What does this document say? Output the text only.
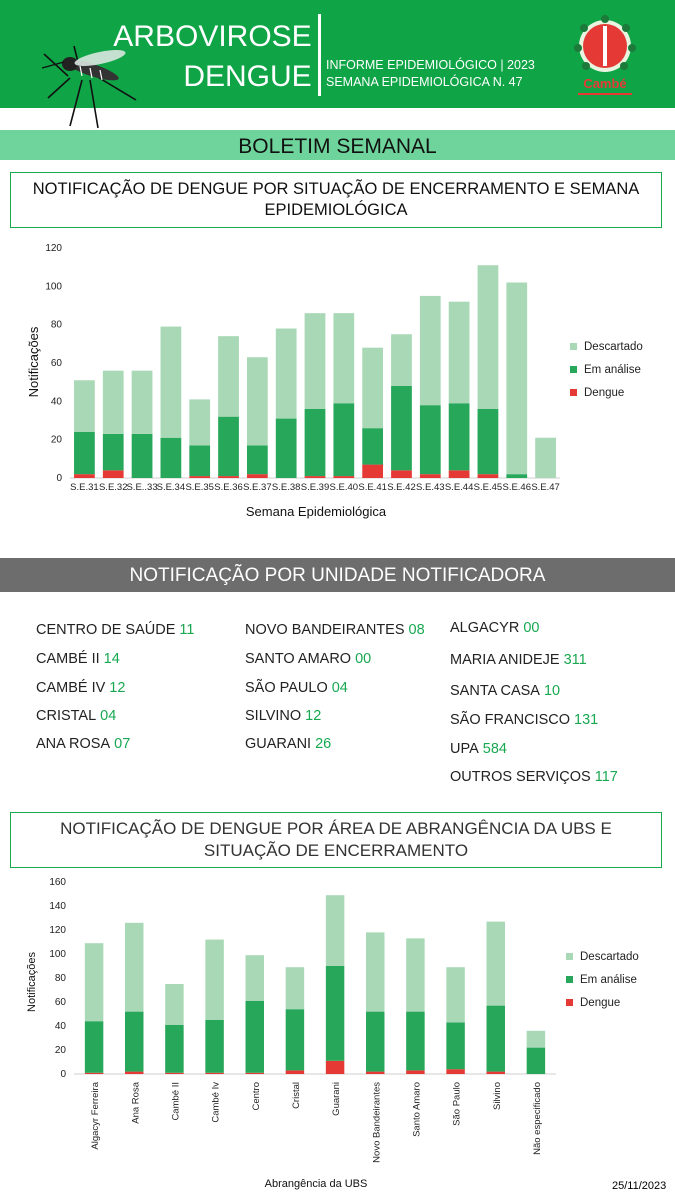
ARBOVIROSE
DENGUE INFORME EPIDEMIOLÓGICO | 2023
SEMANA EPIDEMIOLÓGICA N. 47	Cambé
BOLETIM SEMANAL
NOTIFICAÇÃO DE DENGUE POR SITUAÇÃO DE ENCERRAMENTO E SEMANA EPIDEMIOLÓGICA
0
20
40
60
80
100
120
S.E.31 S.E.32
S.E..33
S.E.34 S.E.35 S.E.36 S.E.37 S.E.38 S.E.39 S.E.40 S.E.41 S.E.42 S.E.43 S.E.44 S.E.45 S.E.46 S.E.47
Notificações
Semana Epidemiológica
Descartado
Em análise
Dengue
NOTIFICAÇÃO POR UNIDADE NOTIFICADORA
CENTRO DE SAÚDE 11
CAMBÉ II 14
CAMBÉ IV 12
CRISTAL 04
ANA ROSA 07
NOVO BANDEIRANTES 08
SANTO AMARO 00
SÃO PAULO 04
SILVINO 12
GUARANI 26
ALGACYR 00
MARIA ANIDEJE 311
SANTA CASA 10
SÃO FRANCISCO 131
UPA 584
OUTROS SERVIÇOS 117
NOTIFICAÇÃO DE DENGUE POR ÁREA DE ABRANGÊNCIA DA UBS E
SITUAÇÃO DE ENCERRAMENTO
0
20
40
60
80
100
120
140
160
Algacyr Ferreira	Ana Rosa	Cambé II	Cambé Iv	Centro	Cristal	Guarani	Novo Bandeirantes	Santo Amaro	São Paulo	Silvino	Não especificado
Notificações
Abrangência da UBS
Descartado
Em análise
Dengue
25/11/2023
